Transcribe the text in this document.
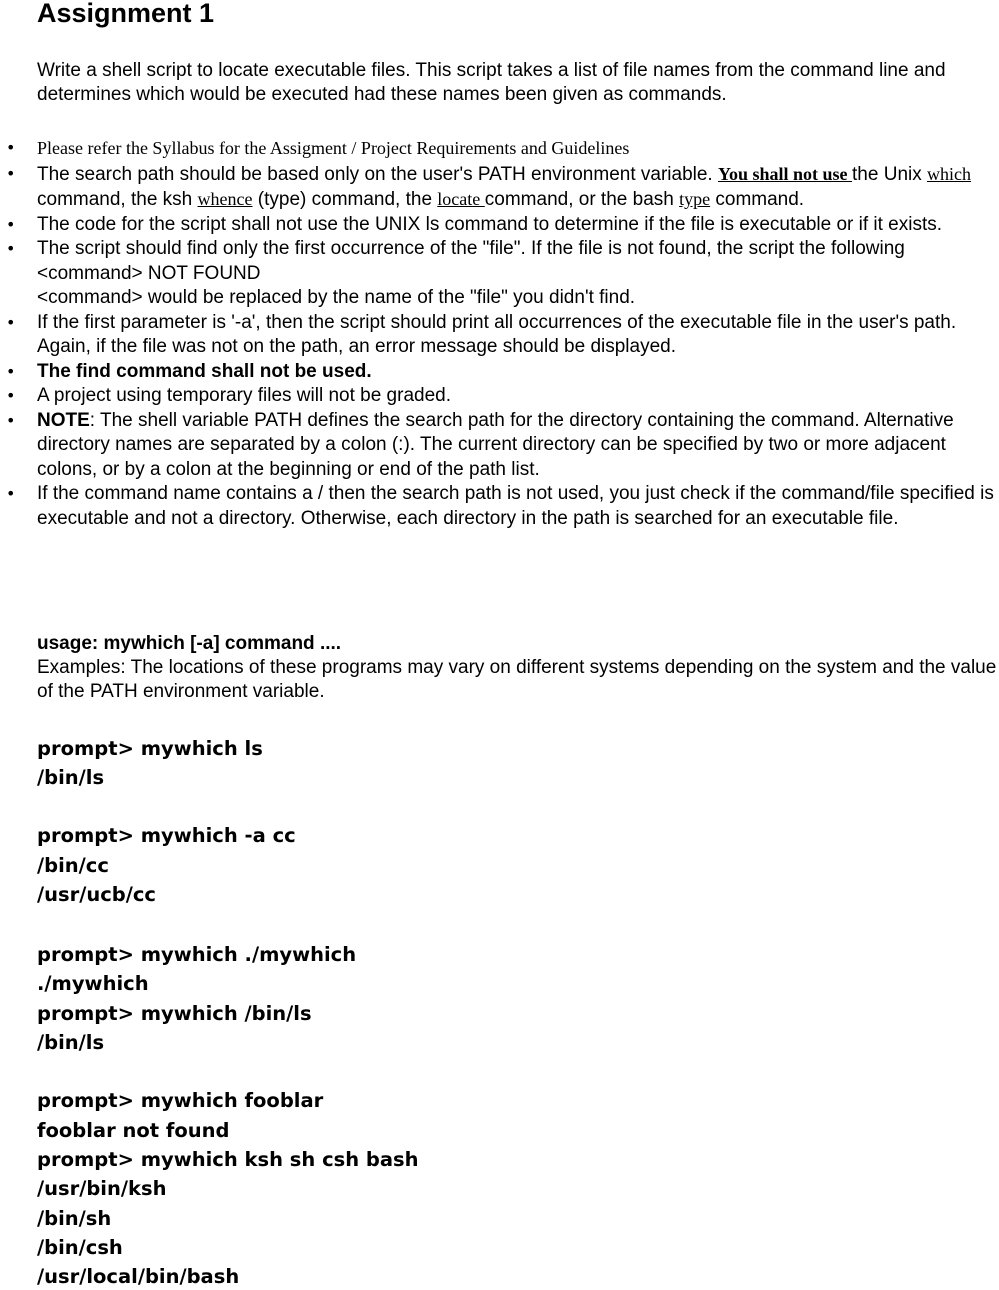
Assignment 1

Write a shell script to locate executable files. This script takes a list of file names from the command line and determines which would be executed had these names been given as commands.

• Please refer the Syllabus for the Assigment / Project Requirements and Guidelines
• The search path should be based only on the user's PATH environment variable. You shall not use the Unix which command, the ksh whence (type) command, the locate command, or the bash type command.
• The code for the script shall not use the UNIX ls command to determine if the file is executable or if it exists.
• The script should find only the first occurrence of the "file". If the file is not found, the script the following
<command> NOT FOUND
<command> would be replaced by the name of the "file" you didn't find.
• If the first parameter is '-a', then the script should print all occurrences of the executable file in the user's path. Again, if the file was not on the path, an error message should be displayed.
• The find command shall not be used.
• A project using temporary files will not be graded.
• NOTE: The shell variable PATH defines the search path for the directory containing the command. Alternative directory names are separated by a colon (:). The current directory can be specified by two or more adjacent colons, or by a colon at the beginning or end of the path list.
• If the command name contains a / then the search path is not used, you just check if the command/file specified is executable and not a directory. Otherwise, each directory in the path is searched for an executable file.
usage: mywhich [-a] command ....
Examples: The locations of these programs may vary on different systems depending on the system and the value of the PATH environment variable.
prompt> mywhich ls
/bin/ls
prompt> mywhich -a cc
/bin/cc
/usr/ucb/cc
prompt> mywhich ./mywhich
./mywhich
prompt> mywhich /bin/ls
/bin/ls
prompt> mywhich fooblar
fooblar not found
prompt> mywhich ksh sh csh bash
/usr/bin/ksh
/bin/sh
/bin/csh
/usr/local/bin/bash
